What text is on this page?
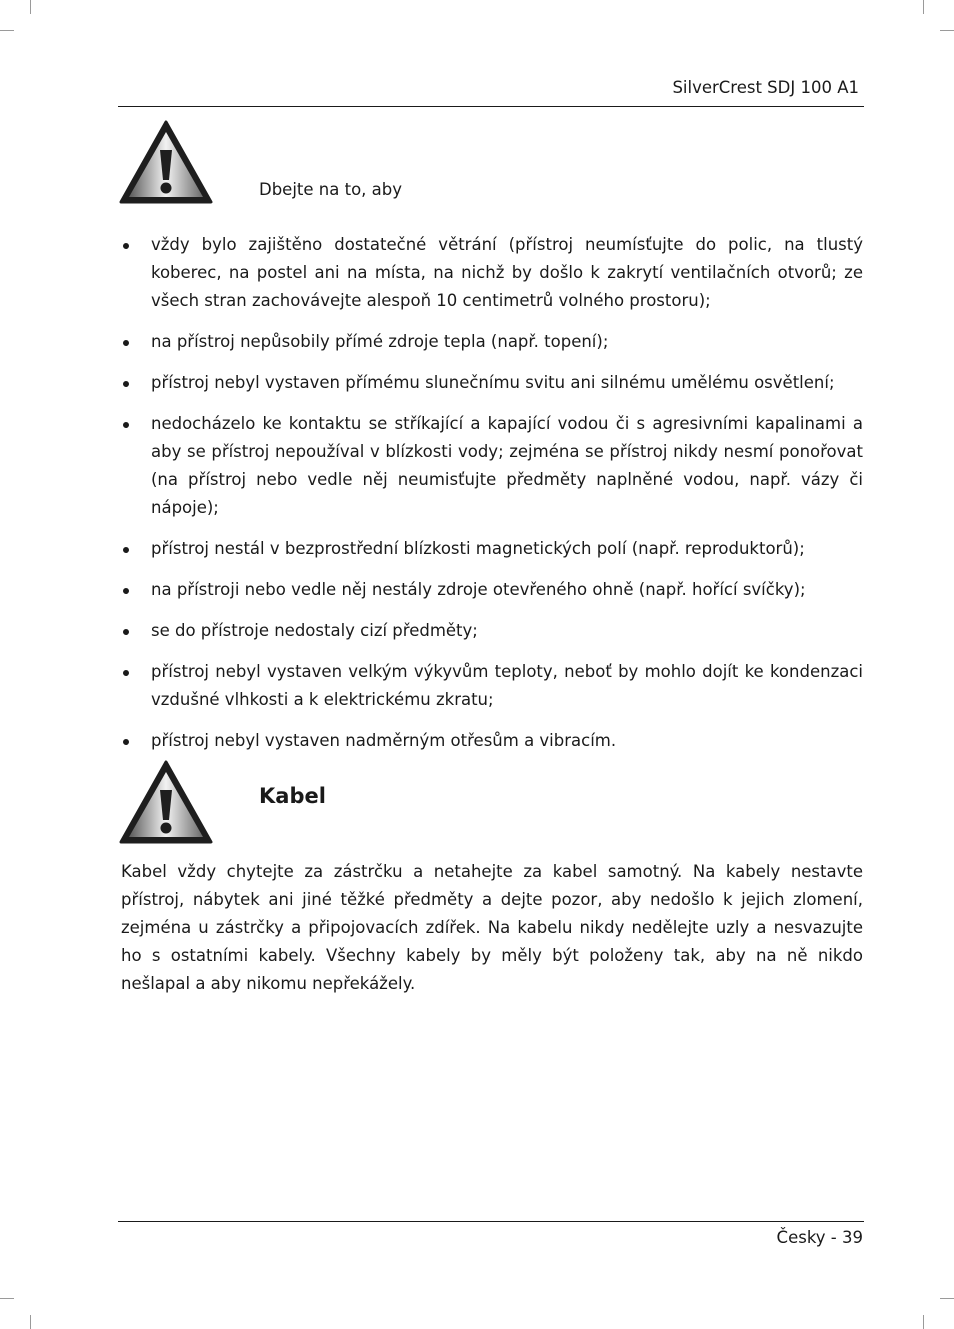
SilverCrest SDJ 100 A1
Dbejte na to, aby
vždy bylo zajištěno dostatečné větrání (přístroj neumísťujte do polic, na tlustý koberec, na postel ani na místa, na nichž by došlo k zakrytí ventilačních otvorů; ze všech stran zachovávejte alespoň 10 centimetrů volného prostoru);
na přístroj nepůsobily přímé zdroje tepla (např. topení);
přístroj nebyl vystaven přímému slunečnímu svitu ani silnému umělému osvětlení;
nedocházelo ke kontaktu se stříkající a kapající vodou či s agresivními kapalinami a aby se přístroj nepoužíval v blízkosti vody; zejména se přístroj nikdy nesmí ponořovat (na přístroj nebo vedle něj neumisťujte předměty naplněné vodou, např. vázy či nápoje);
přístroj nestál v bezprostřední blízkosti magnetických polí (např. reproduktorů);
na přístroji nebo vedle něj nestály zdroje otevřeného ohně (např. hořící svíčky);
se do přístroje nedostaly cizí předměty;
přístroj nebyl vystaven velkým výkyvům teploty, neboť by mohlo dojít ke kondenzaci vzdušné vlhkosti a k elektrickému zkratu;
přístroj nebyl vystaven nadměrným otřesům a vibracím.
Kabel

Kabel vždy chytejte za zástrčku a netahejte za kabel samotný. Na kabely nestavte přístroj, nábytek ani jiné těžké předměty a dejte pozor, aby nedošlo k jejich zlomení, zejména u zástrčky a připojovacích zdířek. Na kabelu nikdy nedělejte uzly a nesvazujte ho s ostatními kabely. Všechny kabely by měly být položeny tak, aby na ně nikdo nešlapal a aby nikomu nepřekážely.

Česky - 39
